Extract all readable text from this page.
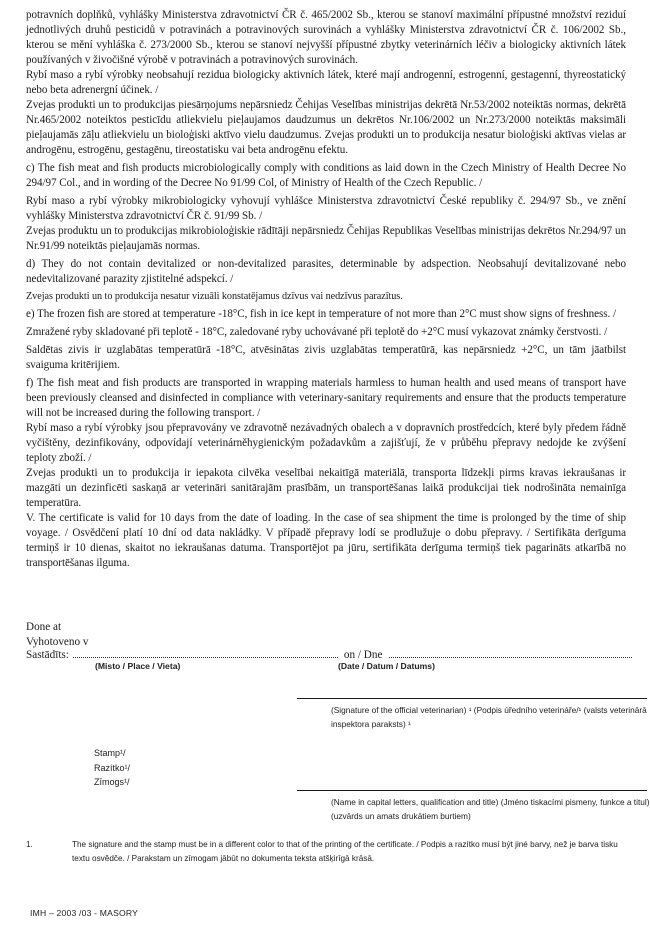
potravních doplňků, vyhlášky Ministerstva zdravotnictví ČR č. 465/2002 Sb., kterou se stanoví maximální přípustné množství reziduí jednotlivých druhů pesticidů v potravinách a potravinových surovinách a vyhlášky Ministerstva zdravotnictví ČR č. 106/2002 Sb., kterou se mění vyhláška č. 273/2000 Sb., kterou se stanoví nejvyšší přípustné zbytky veterinárních léčiv a biologicky aktivních látek používaných v živočišné výrobě v potravinách a potravinových surovinách.

Rybí maso a rybí výrobky neobsahují rezidua biologicky aktivních látek, které mají androgenní, estrogenní, gestagenní, thyreostatický nebo beta adrenergní účinek. /

Zvejas produkti un to produkcijas piesārņojums nepārsniedz Čehijas Veselības ministrijas dekrētā Nr.53/2002 noteiktās normas, dekrētā Nr.465/2002 noteiktos pesticīdu atliekvielu pieļaujamos daudzumus un dekrētos Nr.106/2002 un Nr.273/2000 noteiktās maksimāli pieļaujamās zāļu atliekvielu un bioloģiski aktīvo vielu daudzumus. Zvejas produkti un to produkcija nesatur bioloģiski aktīvas vielas ar androgēnu, estrogēnu, gestagēnu, tireostatisku vai beta androgēnu efektu.

c) The fish meat and fish products microbiologically comply with conditions as laid down in the Czech Ministry of Health Decree No 294/97 Col., and in wording of the Decree No 91/99 Col, of Ministry of Health of the Czech Republic. /

Rybí maso a rybí výrobky mikrobiologicky vyhovují vyhlášce Ministerstva zdravotnictví České republiky č. 294/97 Sb., ve znění vyhlášky Ministerstva zdravotnictví ČR č. 91/99 Sb. /

Zvejas produktu un to produkcijas mikrobioloģiskie rādītāji nepārsniedz Čehijas Republikas Veselības ministrijas dekrētos Nr.294/97 un Nr.91/99 noteiktās pieļaujamās normas.

d) They do not contain devitalized or non-devitalized parasites, determinable by adspection. Neobsahují devitalizované nebo nedevitalizované parazity zjistitelné adspekcí. /

Zvejas produkti un to produkcija nesatur vizuāli konstatējamus dzīvus vai nedzīvus parazītus.

e) The frozen fish are stored at temperature -18°C, fish in ice kept in temperature of not more than 2°C must show signs of freshness. /

Zmražené ryby skladované při teplotě - 18°C, zaledované ryby uchovávané při teplotě do +2°C musí vykazovat známky čerstvosti. /

Saldētas zivis ir uzglabātas temperatūrā -18°C, atvēsinātas zivis uzglabātas temperatūrā, kas nepārsniedz +2°C, un tām jāatbilst svaiguma kritērijiem.

f) The fish meat and fish products are transported in wrapping materials harmless to human health and used means of transport have been previously cleansed and disinfected in compliance with veterinary-sanitary requirements and ensure that the products temperature will not be increased during the following transport. /

Rybí maso a rybí výrobky jsou přepravovány ve zdravotně nezávadných obalech a v dopravních prostředcích, které byly předem řádně vyčištěny, dezinfikovány, odpovídají veterinárněhygienickým požadavkům a zajišťují, že v průběhu přepravy nedojde ke zvýšení teploty zboží. /

Zvejas produkti un to produkcija ir iepakota cilvēka veselībai nekaitīgā materiālā, transporta līdzekļi pirms kravas iekraušanas ir mazgāti un dezinficēti saskaņā ar veterināri sanitārajām prasībām, un transportēšanas laikā produkcijai tiek nodrošināta nemainīga temperatūra.

V. The certificate is valid for 10 days from the date of loading. In the case of sea shipment the time is prolonged by the time of ship voyage. / Osvědčení platí 10 dní od data nakládky. V případě přepravy lodí se prodlužuje o dobu přepravy. / Sertifikāta derīguma termiņš ir 10 dienas, skaitot no iekraušanas datuma. Transportējot pa jūru, sertifikāta derīguma termiņš tiek pagarināts atkarībā no transportēšanas ilguma.

Done at
Vyhotoveno v
Sastādīts:	on / Dne
(Misto / Place / Vieta)	(Date / Datum / Datums)
(Signature of the official veterinarian) ¹ (Podpis úředního veterináře/¹ (valsts veterinārā inspektora paraksts) ¹
Stamp¹/
Razítko¹/
Zīmogs¹/
(Name in capital letters, qualification and title) (Jméno tiskacími pismeny, funkce a titul) (uzvārds un amats drukātiem burtiem)
1.	The signature and the stamp must be in a different color to that of the printing of the certificate. / Podpis a razítko musí být jiné barvy, než je barva tisku textu osvědče. / Parakstam un zīmogam jābūt no dokumenta teksta atšķirīgā krāsā.
IMH – 2003 /03 - MASORY
